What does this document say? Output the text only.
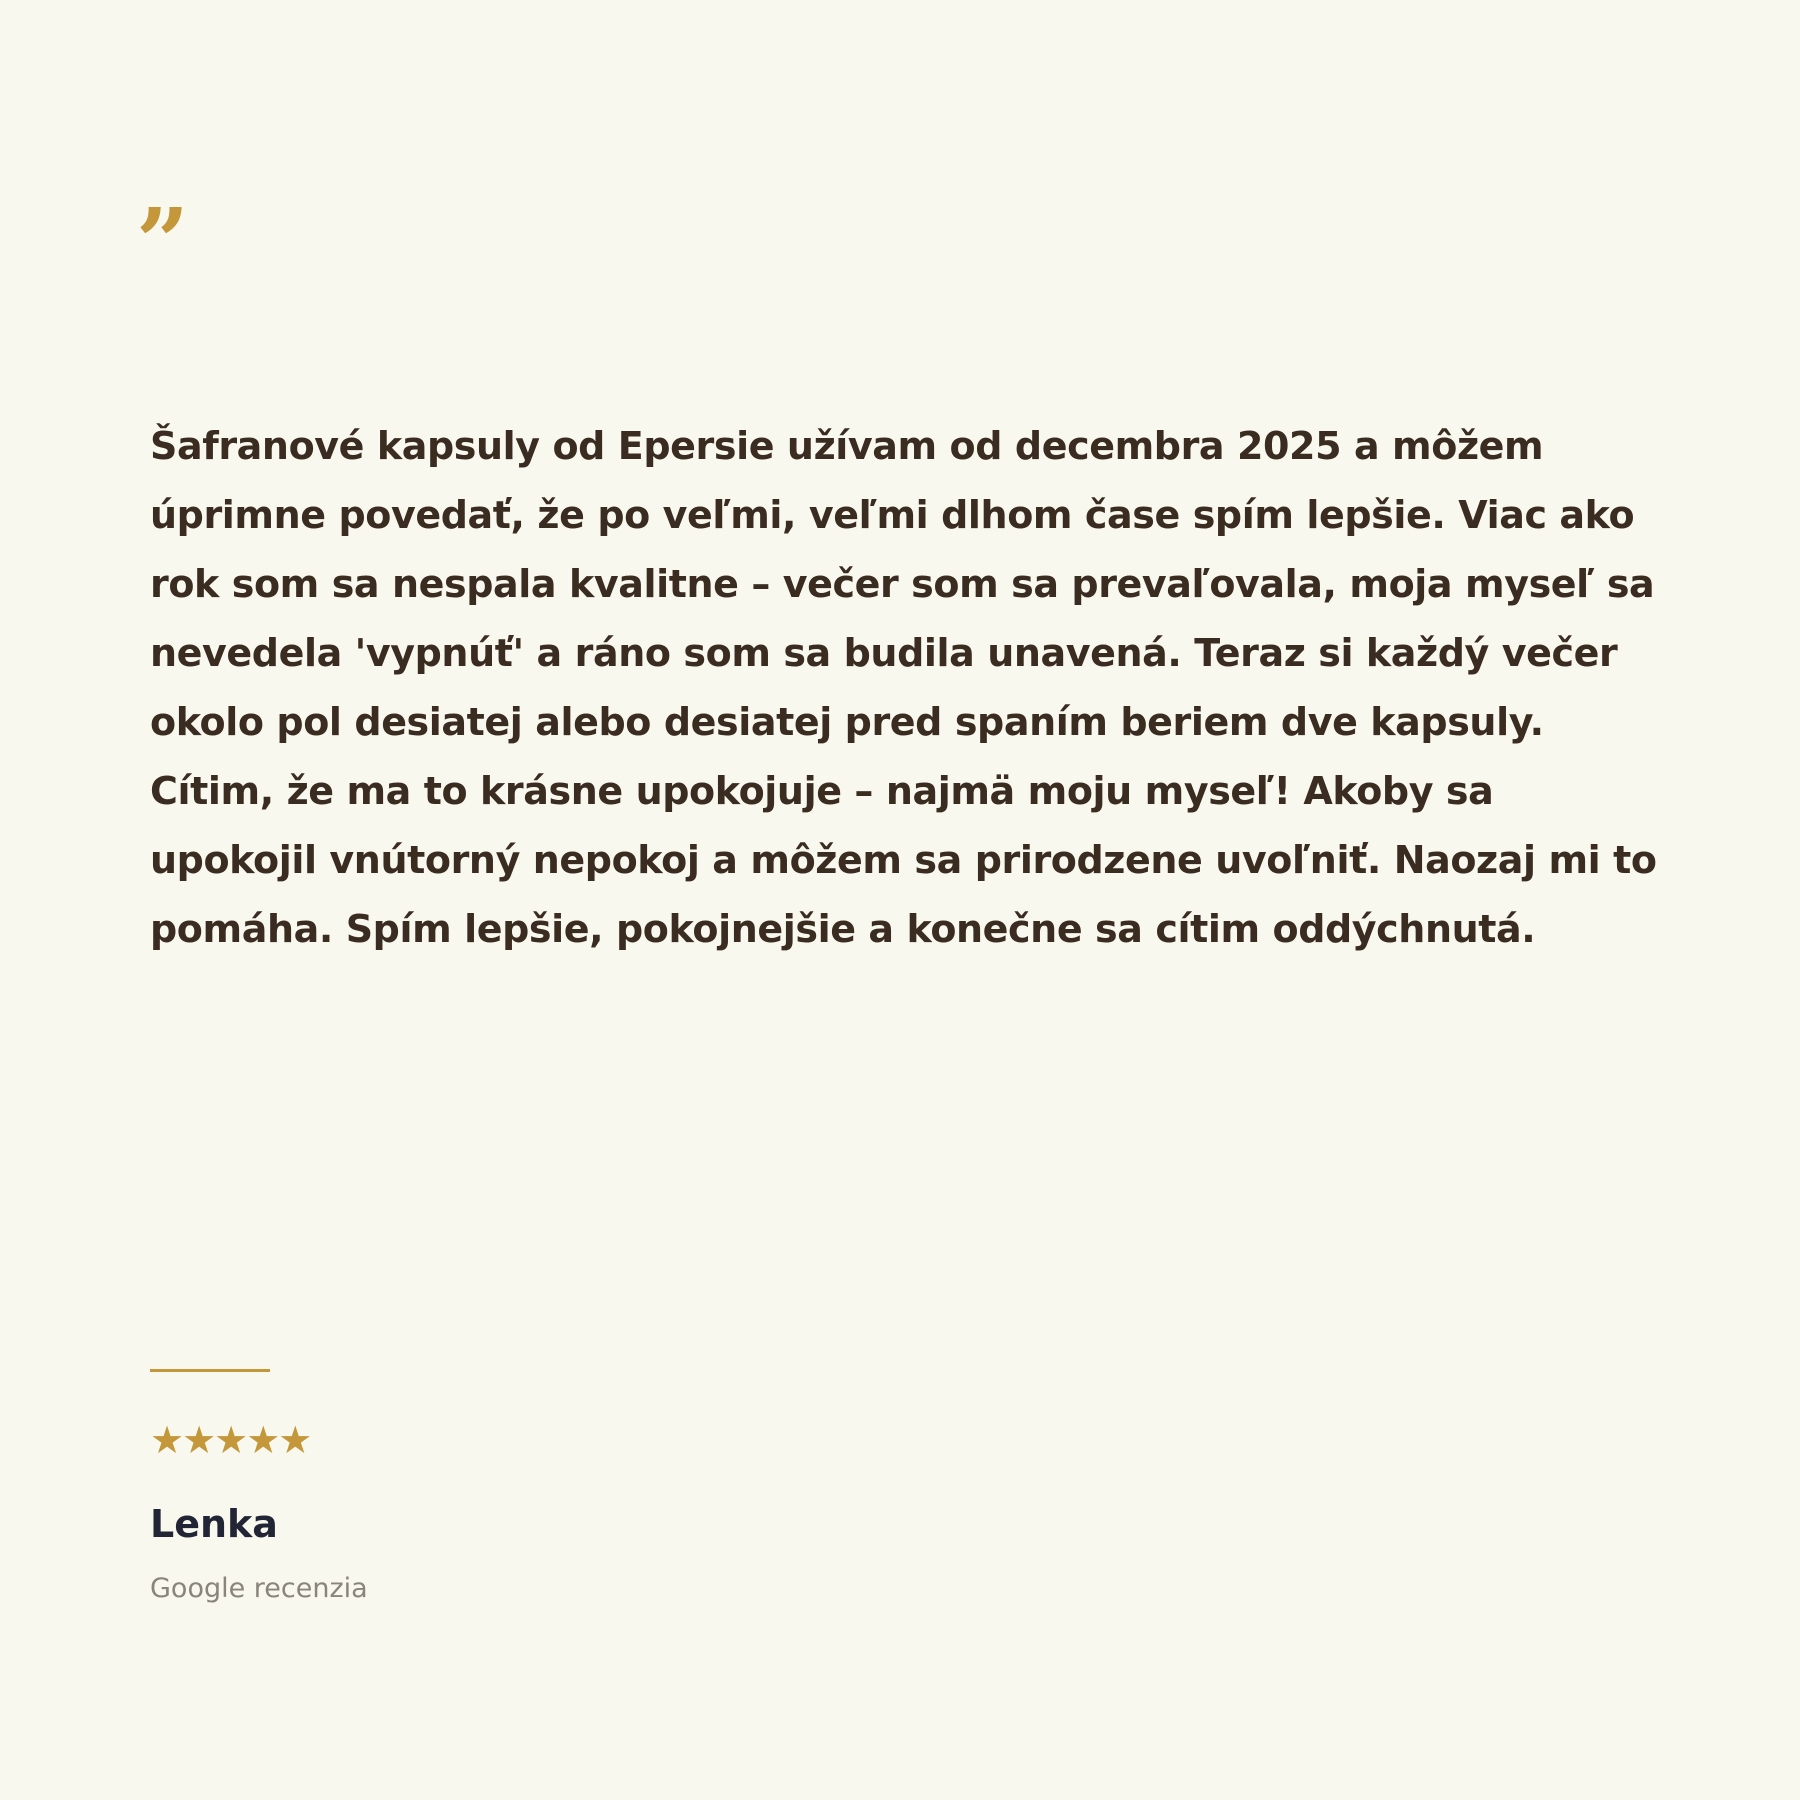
”

Šafranové kapsuly od Epersie užívam od decembra 2025 a môžem úprimne povedať, že po veľmi, veľmi dlhom čase spím lepšie. Viac ako rok som sa nespala kvalitne – večer som sa prevaľovala, moja myseľ sa nevedela 'vypnúť' a ráno som sa budila unavená. Teraz si každý večer okolo pol desiatej alebo desiatej pred spaním beriem dve kapsuly. Cítim, že ma to krásne upokojuje – najmä moju myseľ! Akoby sa upokojil vnútorný nepokoj a môžem sa prirodzene uvoľniť. Naozaj mi to pomáha. Spím lepšie, pokojnejšie a konečne sa cítim oddýchnutá.

★★★★★
Lenka
Google recenzia
